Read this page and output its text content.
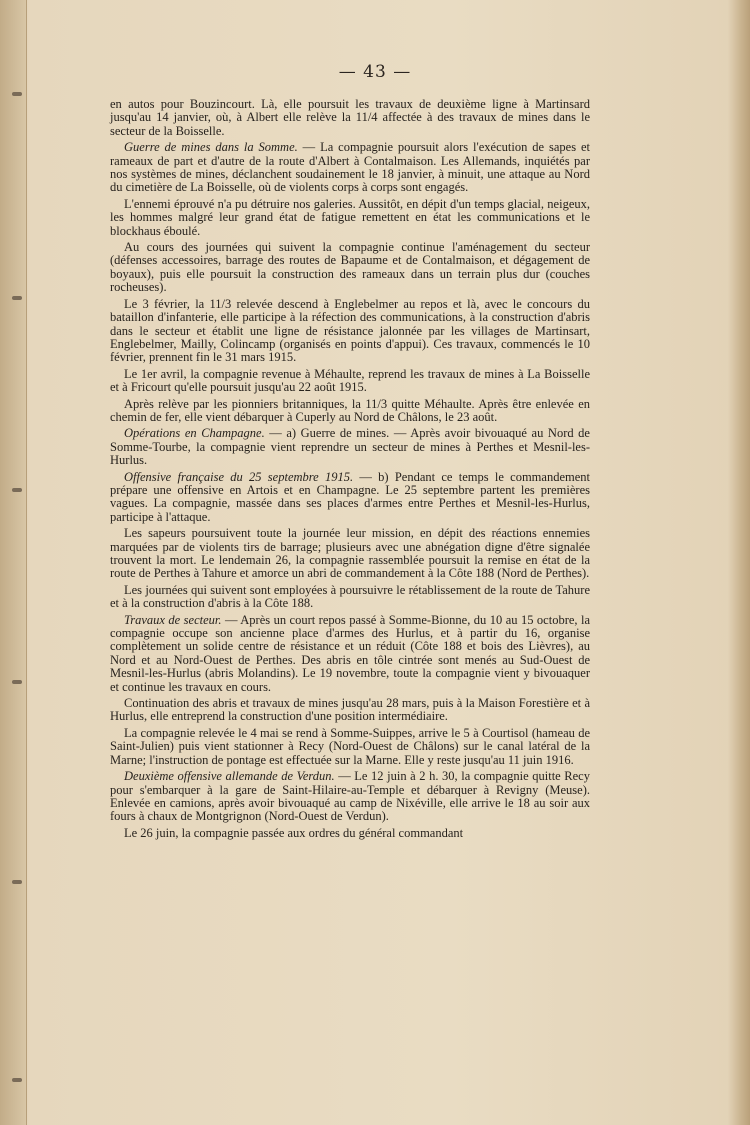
— 43 —

en autos pour Bouzincourt. Là, elle poursuit les travaux de deuxième ligne à Martinsard jusqu'au 14 janvier, où, à Albert elle relève la 11/4 affectée à des travaux de mines dans le secteur de la Boisselle.

Guerre de mines dans la Somme. — La compagnie poursuit alors l'exécution de sapes et rameaux de part et d'autre de la route d'Albert à Contalmaison. Les Allemands, inquiétés par nos systèmes de mines, déclanchent soudainement le 18 janvier, à minuit, une attaque au Nord du cimetière de La Boisselle, où de violents corps à corps sont engagés.

L'ennemi éprouvé n'a pu détruire nos galeries. Aussitôt, en dépit d'un temps glacial, neigeux, les hommes malgré leur grand état de fatigue remettent en état les communications et le blockhaus éboulé.

Au cours des journées qui suivent la compagnie continue l'aménagement du secteur (défenses accessoires, barrage des routes de Bapaume et de Contalmaison, et dégagement de boyaux), puis elle poursuit la construction des rameaux dans un terrain plus dur (couches rocheuses).

Le 3 février, la 11/3 relevée descend à Englebelmer au repos et là, avec le concours du bataillon d'infanterie, elle participe à la réfection des communications, à la construction d'abris dans le secteur et établit une ligne de résistance jalonnée par les villages de Martinsart, Englebelmer, Mailly, Colincamp (organisés en points d'appui). Ces travaux, commencés le 10 février, prennent fin le 31 mars 1915.

Le 1er avril, la compagnie revenue à Méhaulte, reprend les travaux de mines à La Boisselle et à Fricourt qu'elle poursuit jusqu'au 22 août 1915.

Après relève par les pionniers britanniques, la 11/3 quitte Méhaulte. Après être enlevée en chemin de fer, elle vient débarquer à Cuperly au Nord de Châlons, le 23 août.

Opérations en Champagne. — a) Guerre de mines. — Après avoir bivouaqué au Nord de Somme-Tourbe, la compagnie vient reprendre un secteur de mines à Perthes et Mesnil-les-Hurlus.

Offensive française du 25 septembre 1915. — b) Pendant ce temps le commandement prépare une offensive en Artois et en Champagne. Le 25 septembre partent les premières vagues. La compagnie, massée dans ses places d'armes entre Perthes et Mesnil-les-Hurlus, participe à l'attaque.

Les sapeurs poursuivent toute la journée leur mission, en dépit des réactions ennemies marquées par de violents tirs de barrage; plusieurs avec une abnégation digne d'être signalée trouvent la mort. Le lendemain 26, la compagnie rassemblée poursuit la remise en état de la route de Perthes à Tahure et amorce un abri de commandement à la Côte 188 (Nord de Perthes).

Les journées qui suivent sont employées à poursuivre le rétablissement de la route de Tahure et à la construction d'abris à la Côte 188.

Travaux de secteur. — Après un court repos passé à Somme-Bionne, du 10 au 15 octobre, la compagnie occupe son ancienne place d'armes des Hurlus, et à partir du 16, organise complètement un solide centre de résistance et un réduit (Côte 188 et bois des Lièvres), au Nord et au Nord-Ouest de Perthes. Des abris en tôle cintrée sont menés au Sud-Ouest de Mesnil-les-Hurlus (abris Molandins). Le 19 novembre, toute la compagnie vient y bivouaquer et continue les travaux en cours.

Continuation des abris et travaux de mines jusqu'au 28 mars, puis à la Maison Forestière et à Hurlus, elle entreprend la construction d'une position intermédiaire.

La compagnie relevée le 4 mai se rend à Somme-Suippes, arrive le 5 à Courtisol (hameau de Saint-Julien) puis vient stationner à Recy (Nord-Ouest de Châlons) sur le canal latéral de la Marne; l'instruction de pontage est effectuée sur la Marne. Elle y reste jusqu'au 11 juin 1916.

Deuxième offensive allemande de Verdun. — Le 12 juin à 2 h. 30, la compagnie quitte Recy pour s'embarquer à la gare de Saint-Hilaire-au-Temple et débarquer à Revigny (Meuse). Enlevée en camions, après avoir bivouaqué au camp de Nixéville, elle arrive le 18 au soir aux fours à chaux de Montgrignon (Nord-Ouest de Verdun).

Le 26 juin, la compagnie passée aux ordres du général commandant
